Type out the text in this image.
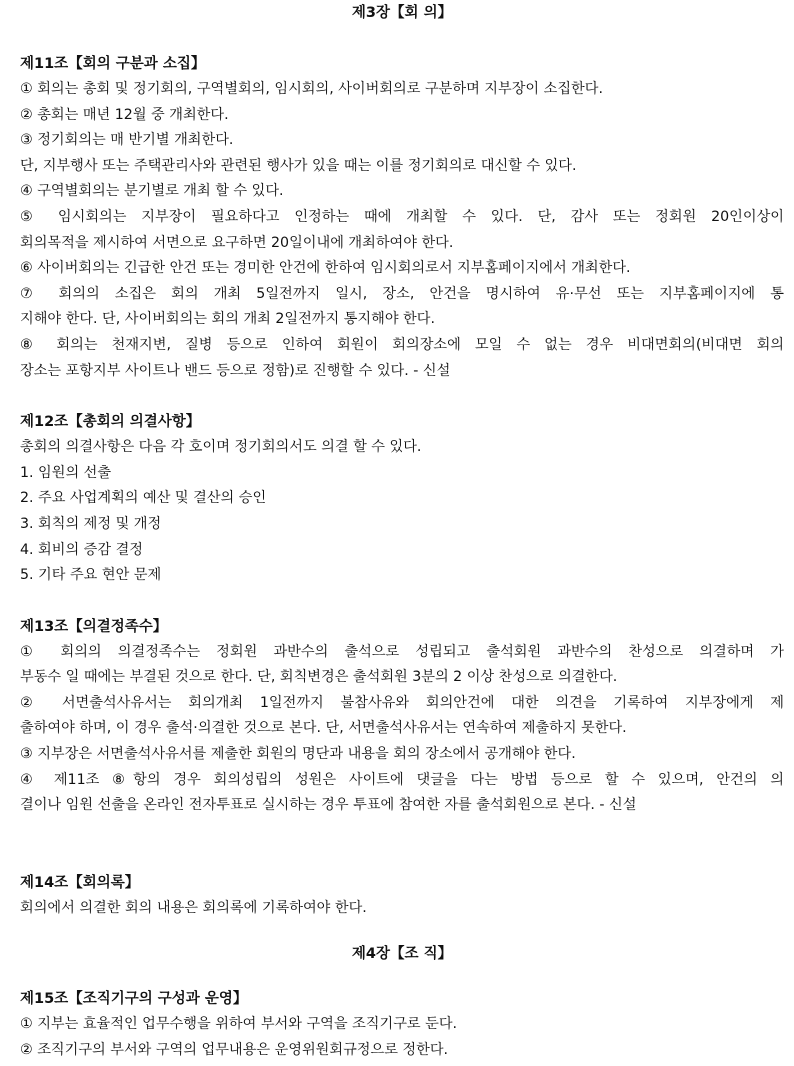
제3장【회 의】
제11조【회의 구분과 소집】
① 회의는 총회 및 정기회의, 구역별회의, 임시회의, 사이버회의로 구분하며 지부장이 소집한다.
② 총회는 매년 12월 중 개최한다.
③ 정기회의는 매 반기별 개최한다.
단, 지부행사 또는 주택관리사와 관련된 행사가 있을 때는 이를 정기회의로 대신할 수 있다.
④ 구역별회의는 분기별로 개최 할 수 있다.
⑤ 임시회의는 지부장이 필요하다고 인정하는 때에 개최할 수 있다. 단, 감사 또는 정회원 20인이상이
회의목적을 제시하여 서면으로 요구하면 20일이내에 개최하여야 한다.
⑥ 사이버회의는 긴급한 안건 또는 경미한 안건에 한하여 임시회의로서 지부홈페이지에서 개최한다.
⑦ 회의의 소집은 회의 개최 5일전까지 일시, 장소, 안건을 명시하여 유·무선 또는 지부홈페이지에 통
지해야 한다. 단, 사이버회의는 회의 개최 2일전까지 통지해야 한다.
⑧ 회의는 천재지변, 질병 등으로 인하여 회원이 회의장소에 모일 수 없는 경우 비대면회의(비대면 회의
장소는 포항지부 사이트나 밴드 등으로 정함)로 진행할 수 있다. - 신설
제12조【총회의 의결사항】
총회의 의결사항은 다음 각 호이며 정기회의서도 의결 할 수 있다.
1. 임원의 선출
2. 주요 사업계획의 예산 및 결산의 승인
3. 회칙의 제정 및 개정
4. 회비의 증감 결정
5. 기타 주요 현안 문제
제13조【의결정족수】
① 회의의 의결정족수는 정회원 과반수의 출석으로 성립되고 출석회원 과반수의 찬성으로 의결하며 가
부동수 일 때에는 부결된 것으로 한다. 단, 회칙변경은 출석회원 3분의 2 이상 찬성으로 의결한다.
② 서면출석사유서는 회의개최 1일전까지 불참사유와 회의안건에 대한 의견을 기록하여 지부장에게 제
출하여야 하며, 이 경우 출석·의결한 것으로 본다. 단, 서면출석사유서는 연속하여 제출하지 못한다.
③ 지부장은 서면출석사유서를 제출한 회원의 명단과 내용을 회의 장소에서 공개해야 한다.
④ 제11조 ⑧항의 경우 회의성립의 성원은 사이트에 댓글을 다는 방법 등으로 할 수 있으며, 안건의 의
결이나 임원 선출을 온라인 전자투표로 실시하는 경우 투표에 참여한 자를 출석회원으로 본다. - 신설
제14조【회의록】
회의에서 의결한 회의 내용은 회의록에 기록하여야 한다.
제4장【조 직】
제15조【조직기구의 구성과 운영】
① 지부는 효율적인 업무수행을 위하여 부서와 구역을 조직기구로 둔다.
② 조직기구의 부서와 구역의 업무내용은 운영위원회규정으로 정한다.
